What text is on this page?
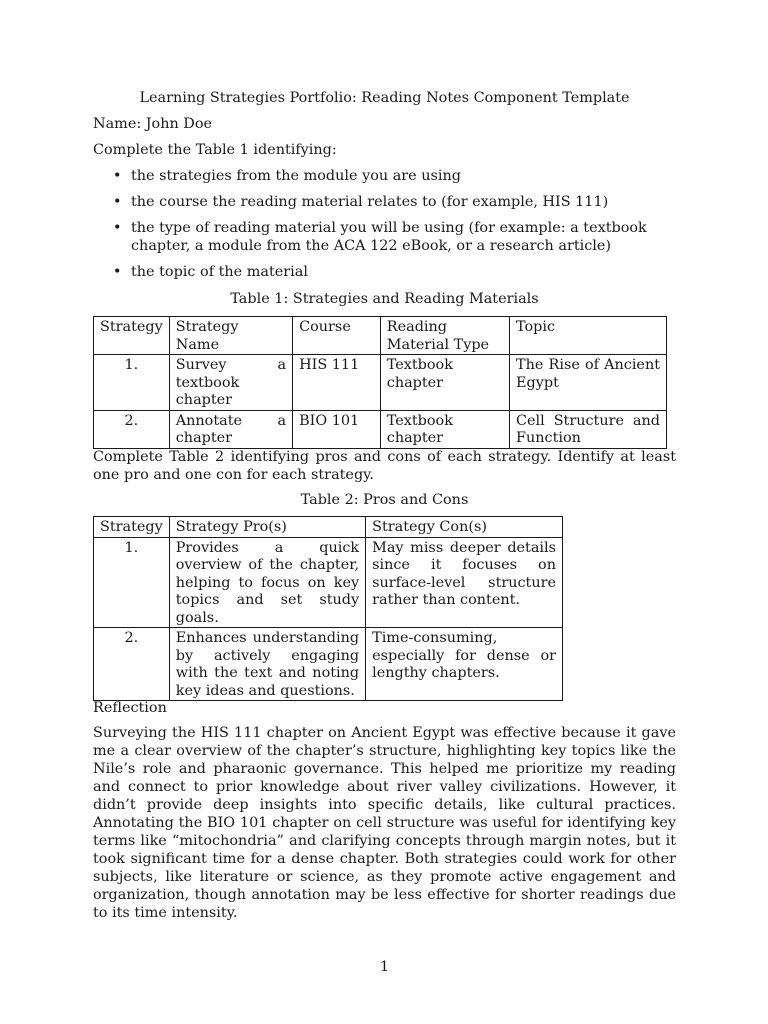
Learning Strategies Portfolio: Reading Notes Component Template
Name: John Doe
Complete the Table 1 identifying:
• the strategies from the module you are using
• the course the reading material relates to (for example, HIS 111)
• the type of reading material you will be using (for example: a textbook chapter, a module from the ACA 122 eBook, or a research article)
• the topic of the material
Table 1: Strategies and Reading Materials
Strategy	Strategy Name	Course	Reading Material Type	Topic
1.	Survey a textbook chapter	HIS 111	Textbook chapter	The Rise of Ancient Egypt
2.	Annotate a chapter	BIO 101	Textbook chapter	Cell Structure and Function
Complete Table 2 identifying pros and cons of each strategy. Identify at least one pro and one con for each strategy.
Table 2: Pros and Cons
Strategy	Strategy Pro(s)	Strategy Con(s)
1.	Provides a quick overview of the chapter, helping to focus on key topics and set study goals.	May miss deeper details since it focuses on surface-level structure rather than content.
2.	Enhances understanding by actively engaging with the text and noting key ideas and questions.	Time-consuming, especially for dense or lengthy chapters.
Reflection
Surveying the HIS 111 chapter on Ancient Egypt was effective because it gave me a clear overview of the chapter’s structure, highlighting key topics like the Nile’s role and pharaonic governance. This helped me prioritize my reading and connect to prior knowledge about river valley civilizations. However, it didn’t provide deep insights into specific details, like cultural practices. Annotating the BIO 101 chapter on cell structure was useful for identifying key terms like “mitochondria” and clarifying concepts through margin notes, but it took significant time for a dense chapter. Both strategies could work for other subjects, like literature or science, as they promote active engagement and organization, though annotation may be less effective for shorter readings due to its time intensity.
1
